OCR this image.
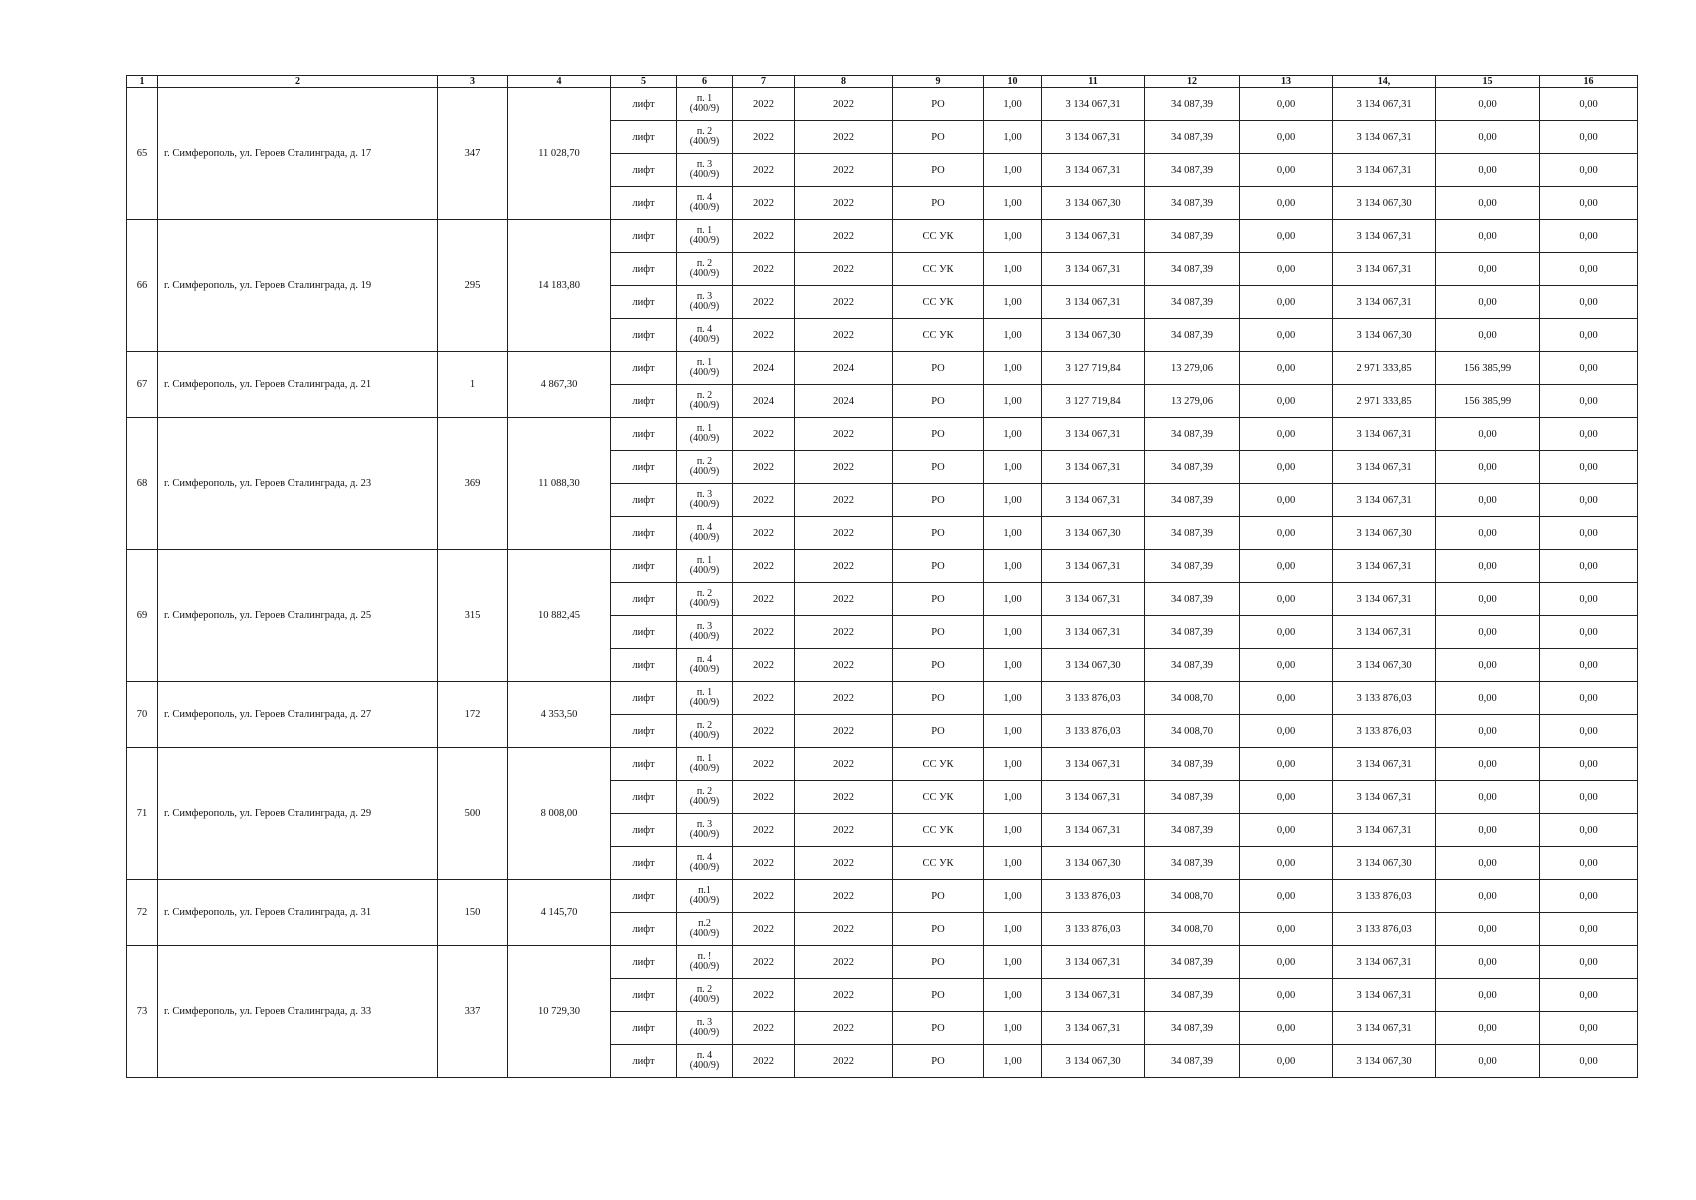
1	2	3	4	5	6	7	8	9	10	11	12	13	14,	15	16
65	г. Симферополь, ул. Героев Сталинграда, д. 17	347	11 028,70	лифт	п. 1
(400/9)	2022	2022	РО	1,00	3 134 067,31	34 087,39	0,00	3 134 067,31	0,00	0,00
				лифт	п. 2
(400/9)	2022	2022	РО	1,00	3 134 067,31	34 087,39	0,00	3 134 067,31	0,00	0,00
				лифт	п. 3
(400/9)	2022	2022	РО	1,00	3 134 067,31	34 087,39	0,00	3 134 067,31	0,00	0,00
				лифт	п. 4
(400/9)	2022	2022	РО	1,00	3 134 067,30	34 087,39	0,00	3 134 067,30	0,00	0,00
66	г. Симферополь, ул. Героев Сталинграда, д. 19	295	14 183,80	лифт	п. 1
(400/9)	2022	2022	СС УК	1,00	3 134 067,31	34 087,39	0,00	3 134 067,31	0,00	0,00
				лифт	п. 2
(400/9)	2022	2022	СС УК	1,00	3 134 067,31	34 087,39	0,00	3 134 067,31	0,00	0,00
				лифт	п. 3
(400/9)	2022	2022	СС УК	1,00	3 134 067,31	34 087,39	0,00	3 134 067,31	0,00	0,00
				лифт	п. 4
(400/9)	2022	2022	СС УК	1,00	3 134 067,30	34 087,39	0,00	3 134 067,30	0,00	0,00
67	г. Симферополь, ул. Героев Сталинграда, д. 21	1	4 867,30	лифт	п. 1
(400/9)	2024	2024	РО	1,00	3 127 719,84	13 279,06	0,00	2 971 333,85	156 385,99	0,00
				лифт	п. 2
(400/9)	2024	2024	РО	1,00	3 127 719,84	13 279,06	0,00	2 971 333,85	156 385,99	0,00
68	г. Симферополь, ул. Героев Сталинграда, д. 23	369	11 088,30	лифт	п. 1
(400/9)	2022	2022	РО	1,00	3 134 067,31	34 087,39	0,00	3 134 067,31	0,00	0,00
				лифт	п. 2
(400/9)	2022	2022	РО	1,00	3 134 067,31	34 087,39	0,00	3 134 067,31	0,00	0,00
				лифт	п. 3
(400/9)	2022	2022	РО	1,00	3 134 067,31	34 087,39	0,00	3 134 067,31	0,00	0,00
				лифт	п. 4
(400/9)	2022	2022	РО	1,00	3 134 067,30	34 087,39	0,00	3 134 067,30	0,00	0,00
69	г. Симферополь, ул. Героев Сталинграда, д. 25	315	10 882,45	лифт	п. 1
(400/9)	2022	2022	РО	1,00	3 134 067,31	34 087,39	0,00	3 134 067,31	0,00	0,00
				лифт	п. 2
(400/9)	2022	2022	РО	1,00	3 134 067,31	34 087,39	0,00	3 134 067,31	0,00	0,00
				лифт	п. 3
(400/9)	2022	2022	РО	1,00	3 134 067,31	34 087,39	0,00	3 134 067,31	0,00	0,00
				лифт	п. 4
(400/9)	2022	2022	РО	1,00	3 134 067,30	34 087,39	0,00	3 134 067,30	0,00	0,00
70	г. Симферополь, ул. Героев Сталинграда, д. 27	172	4 353,50	лифт	п. 1
(400/9)	2022	2022	РО	1,00	3 133 876,03	34 008,70	0,00	3 133 876,03	0,00	0,00
				лифт	п. 2
(400/9)	2022	2022	РО	1,00	3 133 876,03	34 008,70	0,00	3 133 876,03	0,00	0,00
71	г. Симферополь, ул. Героев Сталинграда, д. 29	500	8 008,00	лифт	п. 1
(400/9)	2022	2022	СС УК	1,00	3 134 067,31	34 087,39	0,00	3 134 067,31	0,00	0,00
				лифт	п. 2
(400/9)	2022	2022	СС УК	1,00	3 134 067,31	34 087,39	0,00	3 134 067,31	0,00	0,00
				лифт	п. 3
(400/9)	2022	2022	СС УК	1,00	3 134 067,31	34 087,39	0,00	3 134 067,31	0,00	0,00
				лифт	п. 4
(400/9)	2022	2022	СС УК	1,00	3 134 067,30	34 087,39	0,00	3 134 067,30	0,00	0,00
72	г. Симферополь, ул. Героев Сталинграда, д. 31	150	4 145,70	лифт	п.1
(400/9)	2022	2022	РО	1,00	3 133 876,03	34 008,70	0,00	3 133 876,03	0,00	0,00
				лифт	п.2
(400/9)	2022	2022	РО	1,00	3 133 876,03	34 008,70	0,00	3 133 876,03	0,00	0,00
73	г. Симферополь, ул. Героев Сталинграда, д. 33	337	10 729,30	лифт	п. !
(400/9)	2022	2022	РО	1,00	3 134 067,31	34 087,39	0,00	3 134 067,31	0,00	0,00
				лифт	п. 2
(400/9)	2022	2022	РО	1,00	3 134 067,31	34 087,39	0,00	3 134 067,31	0,00	0,00
				лифт	п. 3
(400/9)	2022	2022	РО	1,00	3 134 067,31	34 087,39	0,00	3 134 067,31	0,00	0,00
				лифт	п. 4
(400/9)	2022	2022	РО	1,00	3 134 067,30	34 087,39	0,00	3 134 067,30	0,00	0,00
